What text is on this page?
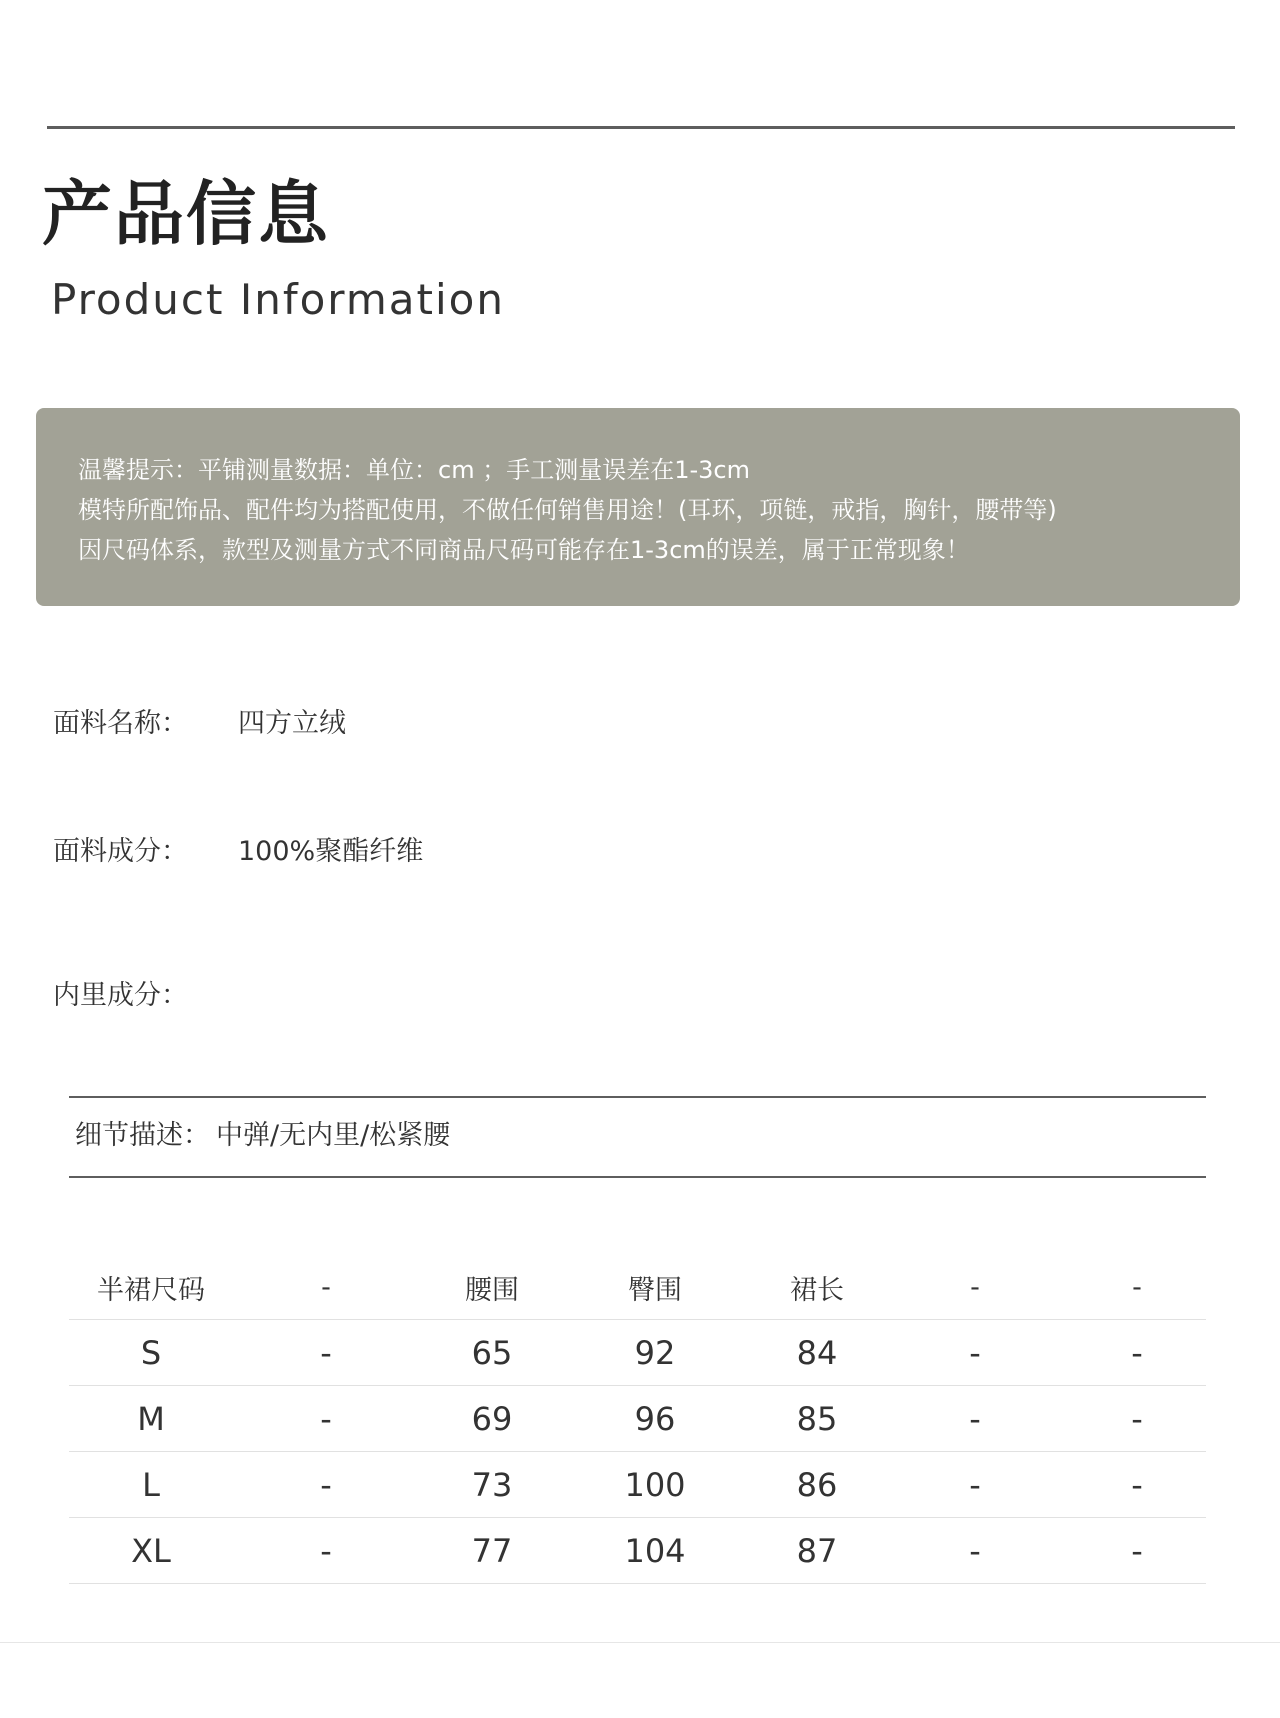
产品信息
Product Information
温馨提示：平铺测量数据：单位：cm ；手工测量误差在1-3cm
模特所配饰品、配件均为搭配使用，不做任何销售用途！(耳环，项链，戒指，胸针，腰带等)
因尺码体系，款型及测量方式不同商品尺码可能存在1-3cm的误差，属于正常现象！
面料名称： 四方立绒
面料成分： 100%聚酯纤维
内里成分：
细节描述： 中弹/无内里/松紧腰
半裙尺码	-	腰围	臀围	裙长	-	-
S	-	65	92	84	-	-
M	-	69	96	85	-	-
L	-	73	100	86	-	-
XL	-	77	104	87	-	-
